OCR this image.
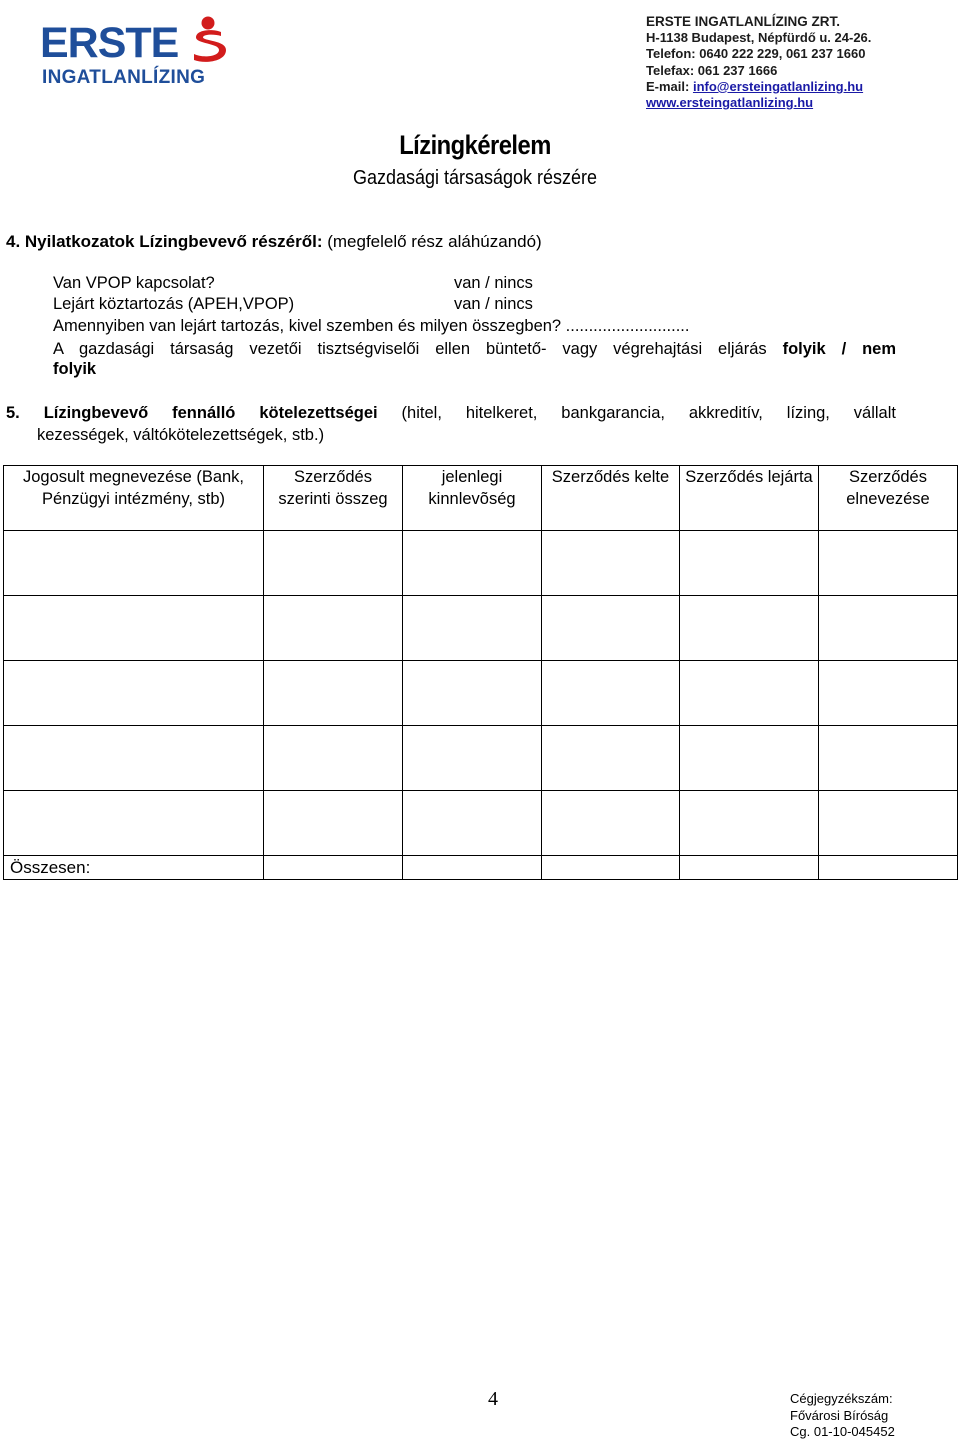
ERSTE
INGATLANLÍZING
ERSTE INGATLANLÍZING ZRT.
H-1138 Budapest, Népfürdő u. 24-26.
Telefon: 0640 222 229, 061 237 1660
Telefax: 061 237 1666
E-mail: info@ersteingatlanlizing.hu
www.ersteingatlanlizing.hu
Lízingkérelem
Gazdasági társaságok részére
4. Nyilatkozatok Lízingbevevő részéről: (megfelelő rész aláhúzandó)
Van VPOP kapcsolat?	van / nincs
Lejárt köztartozás (APEH,VPOP)	van / nincs
Amennyiben van lejárt tartozás, kivel szemben és milyen összegben? ...........................
A gazdasági társaság vezetői tisztségviselői ellen büntető- vagy végrehajtási eljárás folyik / nem
folyik
5. Lízingbevevő fennálló kötelezettségei (hitel, hitelkeret, bankgarancia, akkreditív, lízing, vállalt
kezességek, váltókötelezettségek, stb.)
Jogosult megnevezése (Bank, Pénzügyi intézmény, stb)	Szerződés szerinti összeg	jelenlegi kinnlevõség	Szerződés kelte	Szerződés lejárta	Szerződés elnevezése

Összesen:					
4	Cégjegyzékszám:
Fővárosi Bíróság
Cg. 01-10-045452
